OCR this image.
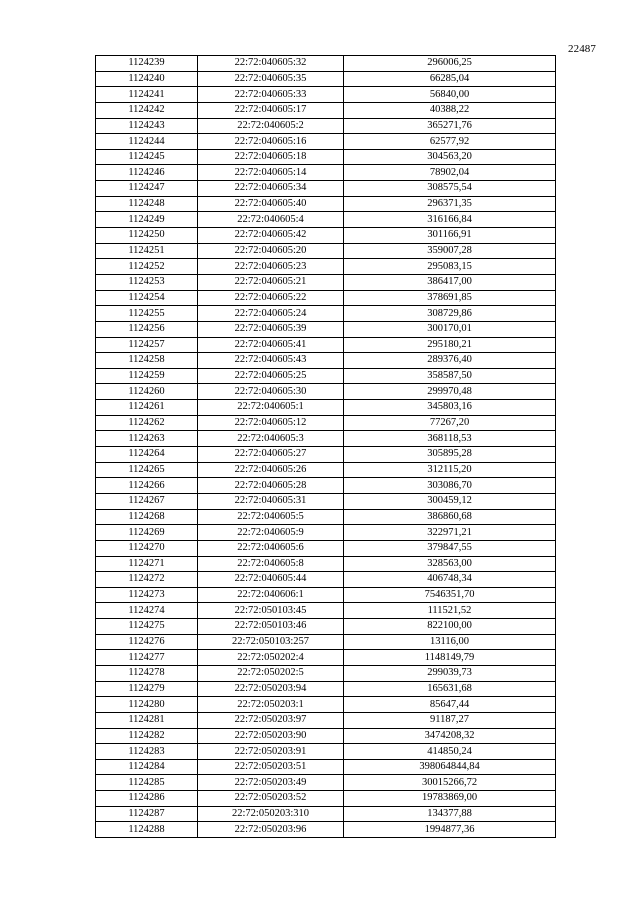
22487
1124239	22:72:040605:32	296006,25
1124240	22:72:040605:35	66285,04
1124241	22:72:040605:33	56840,00
1124242	22:72:040605:17	40388,22
1124243	22:72:040605:2	365271,76
1124244	22:72:040605:16	62577,92
1124245	22:72:040605:18	304563,20
1124246	22:72:040605:14	78902,04
1124247	22:72:040605:34	308575,54
1124248	22:72:040605:40	296371,35
1124249	22:72:040605:4	316166,84
1124250	22:72:040605:42	301166,91
1124251	22:72:040605:20	359007,28
1124252	22:72:040605:23	295083,15
1124253	22:72:040605:21	386417,00
1124254	22:72:040605:22	378691,85
1124255	22:72:040605:24	308729,86
1124256	22:72:040605:39	300170,01
1124257	22:72:040605:41	295180,21
1124258	22:72:040605:43	289376,40
1124259	22:72:040605:25	358587,50
1124260	22:72:040605:30	299970,48
1124261	22:72:040605:1	345803,16
1124262	22:72:040605:12	77267,20
1124263	22:72:040605:3	368118,53
1124264	22:72:040605:27	305895,28
1124265	22:72:040605:26	312115,20
1124266	22:72:040605:28	303086,70
1124267	22:72:040605:31	300459,12
1124268	22:72:040605:5	386860,68
1124269	22:72:040605:9	322971,21
1124270	22:72:040605:6	379847,55
1124271	22:72:040605:8	328563,00
1124272	22:72:040605:44	406748,34
1124273	22:72:040606:1	7546351,70
1124274	22:72:050103:45	111521,52
1124275	22:72:050103:46	822100,00
1124276	22:72:050103:257	13116,00
1124277	22:72:050202:4	1148149,79
1124278	22:72:050202:5	299039,73
1124279	22:72:050203:94	165631,68
1124280	22:72:050203:1	85647,44
1124281	22:72:050203:97	91187,27
1124282	22:72:050203:90	3474208,32
1124283	22:72:050203:91	414850,24
1124284	22:72:050203:51	398064844,84
1124285	22:72:050203:49	30015266,72
1124286	22:72:050203:52	19783869,00
1124287	22:72:050203:310	134377,88
1124288	22:72:050203:96	1994877,36
